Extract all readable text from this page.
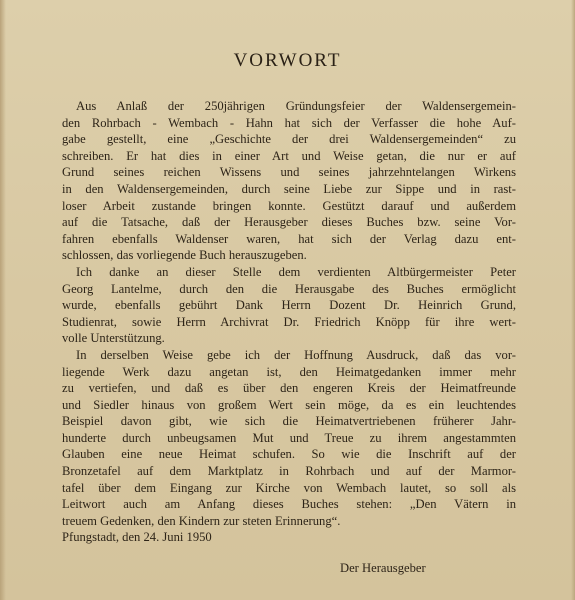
VORWORT
Aus Anlaß der 250jährigen Gründungsfeier der Waldensergemein-
den Rohrbach - Wembach - Hahn hat sich der Verfasser die hohe Auf-
gabe gestellt, eine „Geschichte der drei Waldensergemeinden“ zu
schreiben. Er hat dies in einer Art und Weise getan, die nur er auf
Grund seines reichen Wissens und seines jahrzehntelangen Wirkens
in den Waldensergemeinden, durch seine Liebe zur Sippe und in rast-
loser Arbeit zustande bringen konnte. Gestützt darauf und außerdem
auf die Tatsache, daß der Herausgeber dieses Buches bzw. seine Vor-
fahren ebenfalls Waldenser waren, hat sich der Verlag dazu ent-
schlossen, das vorliegende Buch herauszugeben.
Ich danke an dieser Stelle dem verdienten Altbürgermeister Peter
Georg Lantelme, durch den die Herausgabe des Buches ermöglicht
wurde, ebenfalls gebührt Dank Herrn Dozent Dr. Heinrich Grund,
Studienrat, sowie Herrn Archivrat Dr. Friedrich Knöpp für ihre wert-
volle Unterstützung.
In derselben Weise gebe ich der Hoffnung Ausdruck, daß das vor-
liegende Werk dazu angetan ist, den Heimatgedanken immer mehr
zu vertiefen, und daß es über den engeren Kreis der Heimatfreunde
und Siedler hinaus von großem Wert sein möge, da es ein leuchtendes
Beispiel davon gibt, wie sich die Heimatvertriebenen früherer Jahr-
hunderte durch unbeugsamen Mut und Treue zu ihrem angestammten
Glauben eine neue Heimat schufen. So wie die Inschrift auf der
Bronzetafel auf dem Marktplatz in Rohrbach und auf der Marmor-
tafel über dem Eingang zur Kirche von Wembach lautet, so soll als
Leitwort auch am Anfang dieses Buches stehen: „Den Vätern in
treuem Gedenken, den Kindern zur steten Erinnerung“.
Pfungstadt, den 24. Juni 1950
Der Herausgeber
